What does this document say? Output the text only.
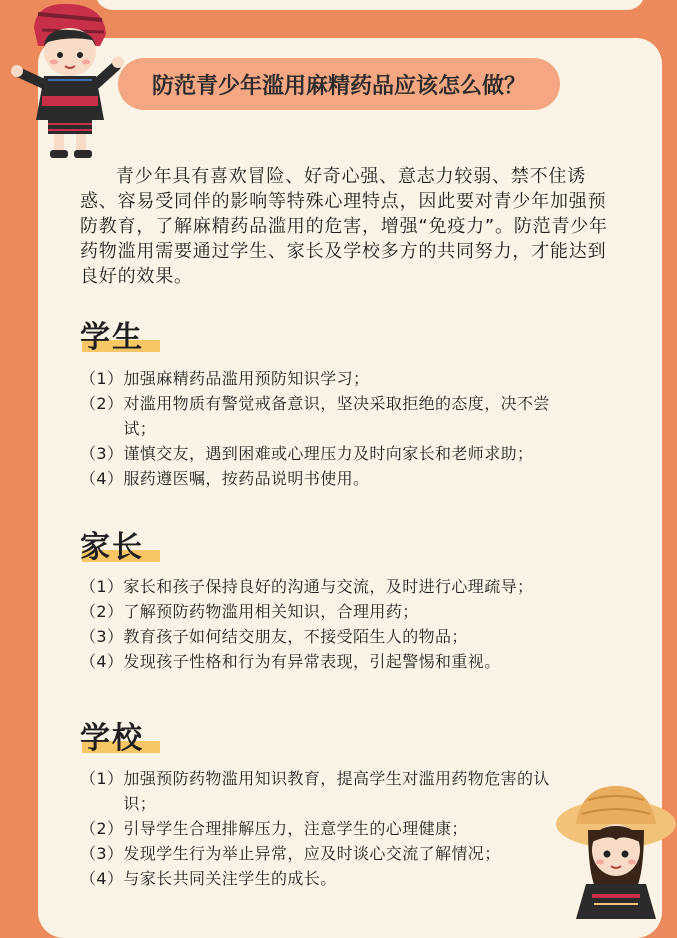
防范青少年滥用麻精药品应该怎么做？

青少年具有喜欢冒险、好奇心强、意志力较弱、禁不住诱惑、容易受同伴的影响等特殊心理特点，因此要对青少年加强预防教育，了解麻精药品滥用的危害，增强“免疫力”。防范青少年药物滥用需要通过学生、家长及学校多方的共同努力，才能达到良好的效果。

学生
（1） 加强麻精药品滥用预防知识学习；
（2） 对滥用物质有警觉戒备意识，坚决采取拒绝的态度，决不尝试；
（3） 谨慎交友，遇到困难或心理压力及时向家长和老师求助；
（4） 服药遵医嘱，按药品说明书使用。
家长
（1） 家长和孩子保持良好的沟通与交流，及时进行心理疏导；
（2） 了解预防药物滥用相关知识，合理用药；
（3） 教育孩子如何结交朋友，不接受陌生人的物品；
（4） 发现孩子性格和行为有异常表现，引起警惕和重视。
学校
（1） 加强预防药物滥用知识教育，提高学生对滥用药物危害的认识；
（2） 引导学生合理排解压力，注意学生的心理健康；
（3） 发现学生行为举止异常，应及时谈心交流了解情况；
（4） 与家长共同关注学生的成长。
